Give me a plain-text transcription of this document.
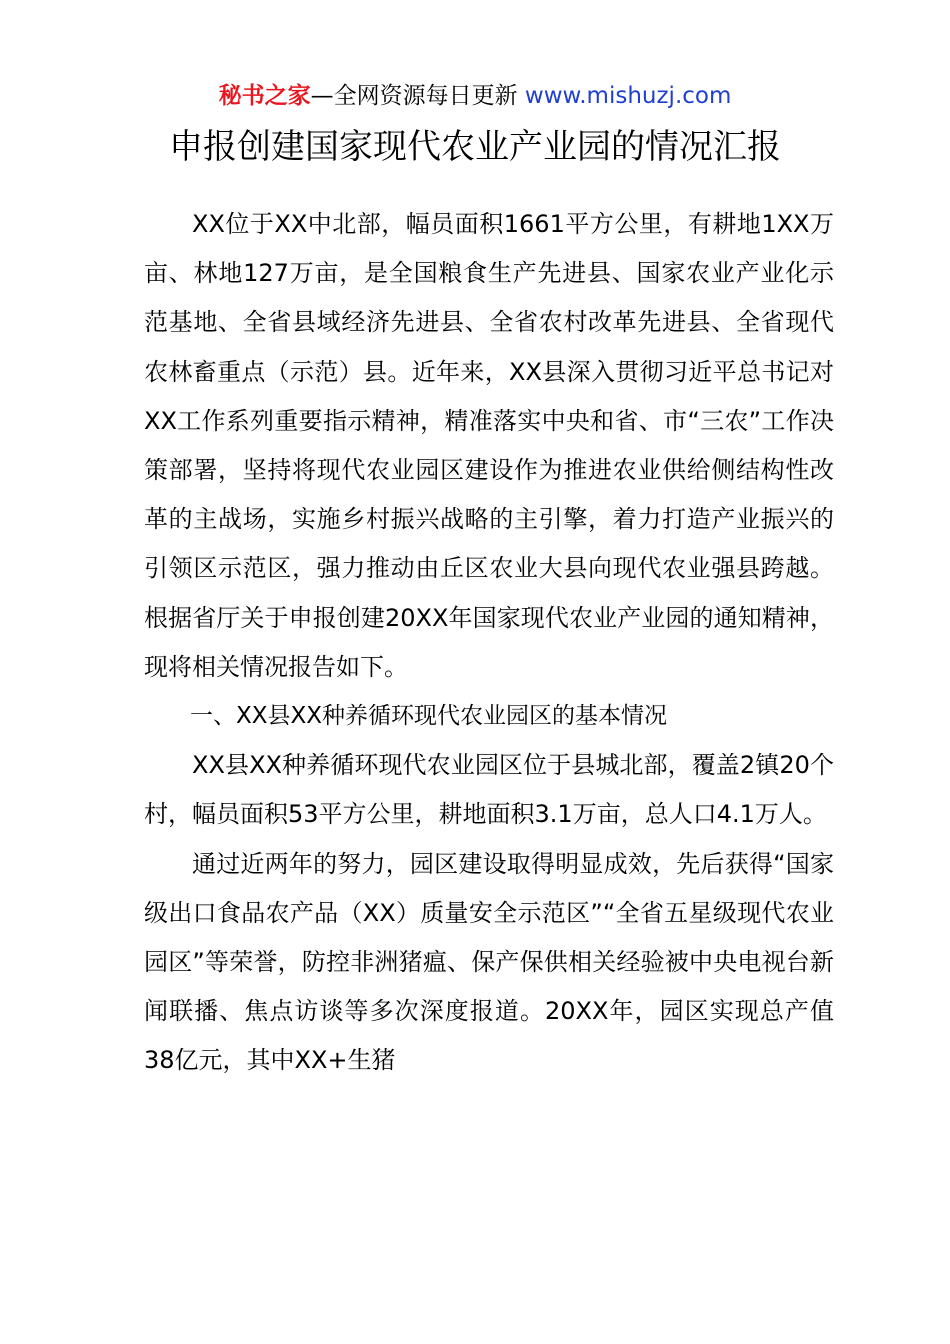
秘书之家—全网资源每日更新 www.mishuzj.com
申报创建国家现代农业产业园的情况汇报

XX位于XX中北部，幅员面积1661平方公里，有耕地1XX万亩、林地127万亩，是全国粮食生产先进县、国家农业产业化示范基地、全省县域经济先进县、全省农村改革先进县、全省现代农林畜重点（示范）县。近年来，XX县深入贯彻习近平总书记对XX工作系列重要指示精神，精准落实中央和省、市“三农”工作决策部署，坚持将现代农业园区建设作为推进农业供给侧结构性改革的主战场，实施乡村振兴战略的主引擎，着力打造产业振兴的引领区示范区，强力推动由丘区农业大县向现代农业强县跨越。根据省厅关于申报创建20XX年国家现代农业产业园的通知精神，现将相关情况报告如下。

一、XX县XX种养循环现代农业园区的基本情况

XX县XX种养循环现代农业园区位于县城北部，覆盖2镇20个村，幅员面积53平方公里，耕地面积3.1万亩，总人口4.1万人。

通过近两年的努力，园区建设取得明显成效，先后获得“国家级出口食品农产品（XX）质量安全示范区”“全省五星级现代农业园区”等荣誉，防控非洲猪瘟、保产保供相关经验被中央电视台新闻联播、焦点访谈等多次深度报道。20XX年，园区实现总产值38亿元，其中XX+生猪
